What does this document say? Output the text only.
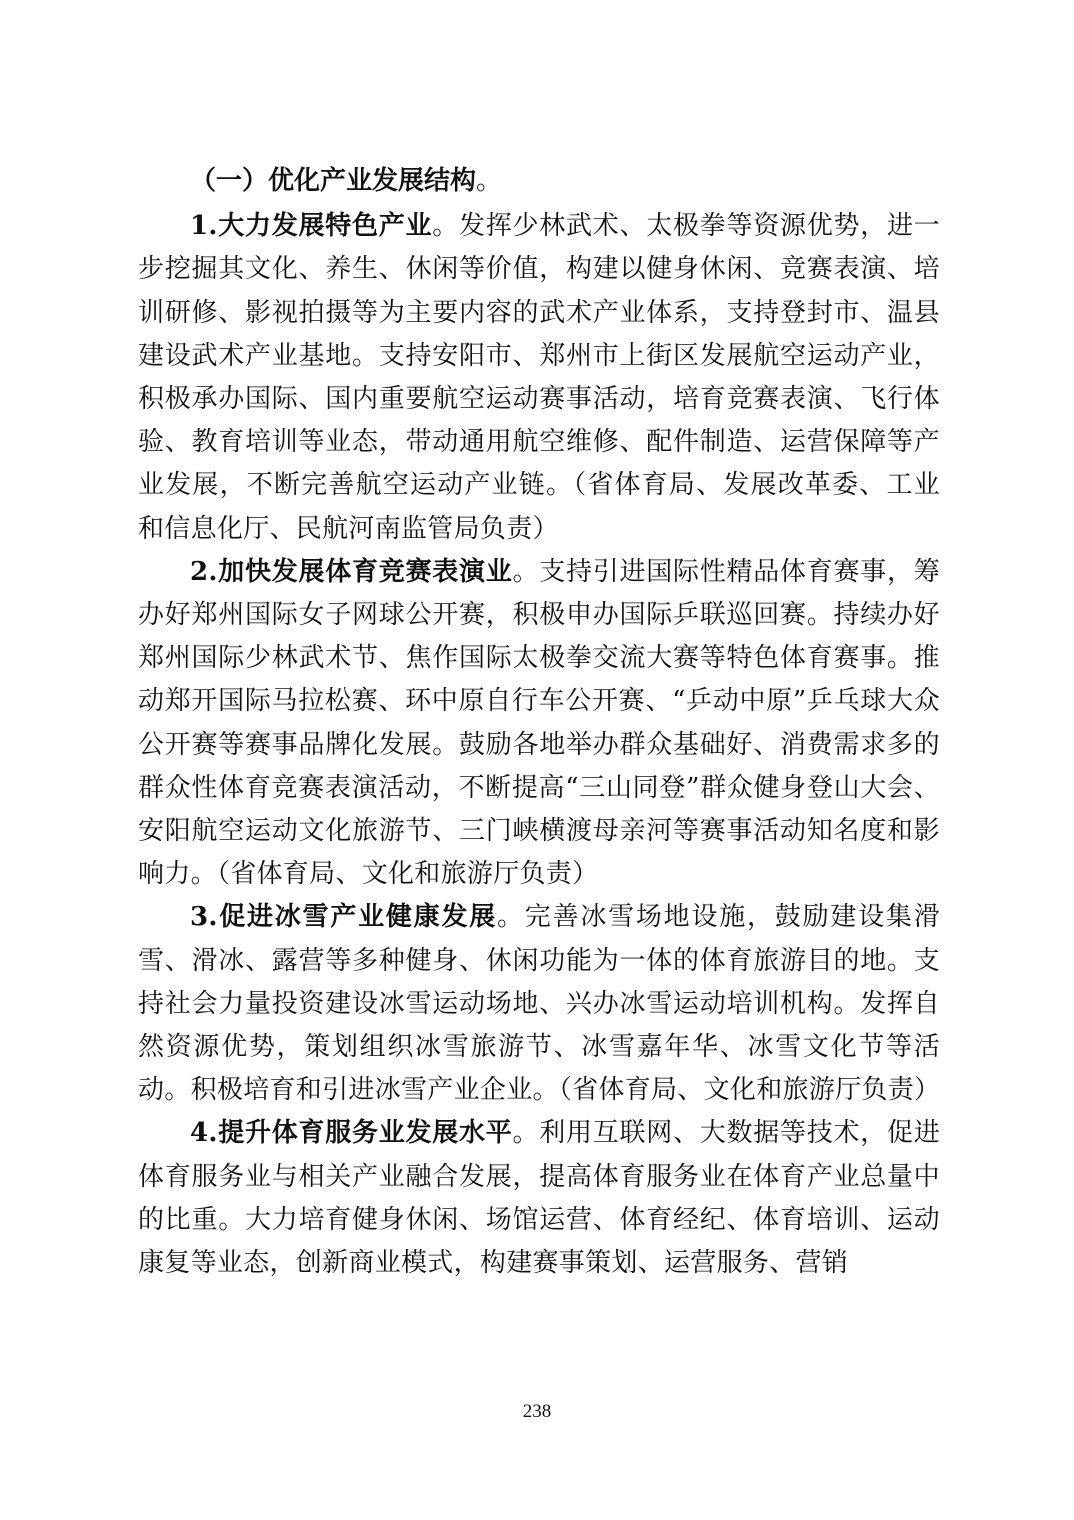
（一）优化产业发展结构。

1.大力发展特色产业。发挥少林武术、太极拳等资源优势，进一步挖掘其文化、养生、休闲等价值，构建以健身休闲、竞赛表演、培训研修、影视拍摄等为主要内容的武术产业体系，支持登封市、温县建设武术产业基地。支持安阳市、郑州市上街区发展航空运动产业，积极承办国际、国内重要航空运动赛事活动，培育竞赛表演、飞行体验、教育培训等业态，带动通用航空维修、配件制造、运营保障等产业发展，不断完善航空运动产业链。（省体育局、发展改革委、工业和信息化厅、民航河南监管局负责）

2.加快发展体育竞赛表演业。支持引进国际性精品体育赛事，筹办好郑州国际女子网球公开赛，积极申办国际乒联巡回赛。持续办好郑州国际少林武术节、焦作国际太极拳交流大赛等特色体育赛事。推动郑开国际马拉松赛、环中原自行车公开赛、“乒动中原”乒乓球大众公开赛等赛事品牌化发展。鼓励各地举办群众基础好、消费需求多的群众性体育竞赛表演活动，不断提高“三山同登”群众健身登山大会、安阳航空运动文化旅游节、三门峡横渡母亲河等赛事活动知名度和影响力。（省体育局、文化和旅游厅负责）

3.促进冰雪产业健康发展。完善冰雪场地设施，鼓励建设集滑雪、滑冰、露营等多种健身、休闲功能为一体的体育旅游目的地。支持社会力量投资建设冰雪运动场地、兴办冰雪运动培训机构。发挥自然资源优势，策划组织冰雪旅游节、冰雪嘉年华、冰雪文化节等活动。积极培育和引进冰雪产业企业。（省体育局、文化和旅游厅负责）

4.提升体育服务业发展水平。利用互联网、大数据等技术，促进体育服务业与相关产业融合发展，提高体育服务业在体育产业总量中的比重。大力培育健身休闲、场馆运营、体育经纪、体育培训、运动康复等业态，创新商业模式，构建赛事策划、运营服务、营销

238
